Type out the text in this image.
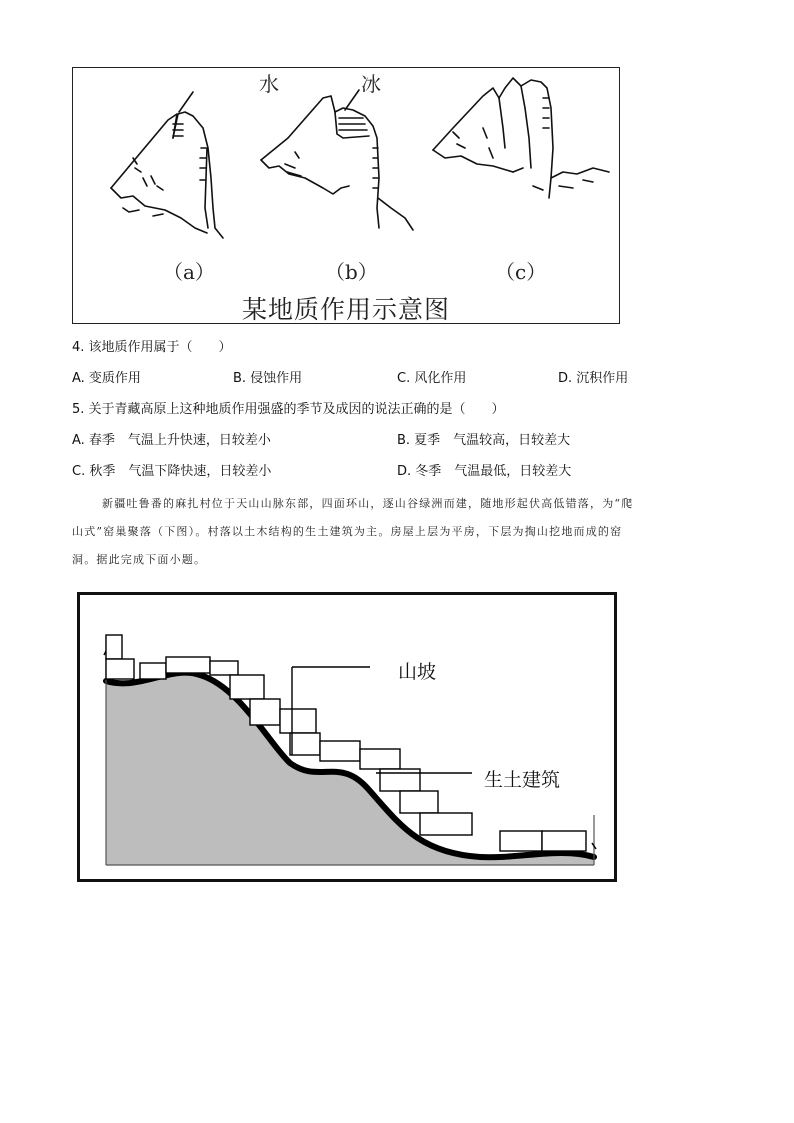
水	冰
（a）	（b）	（c）
某地质作用示意图
4. 该地质作用属于（　　）
A. 变质作用	B. 侵蚀作用	C. 风化作用	D. 沉积作用
5. 关于青藏高原上这种地质作用强盛的季节及成因的说法正确的是（　　）
A. 春季　气温上升快速，日较差小	B. 夏季　气温较高，日较差大
C. 秋季　气温下降快速，日较差小	D. 冬季　气温最低，日较差大
新疆吐鲁番的麻扎村位于天山山脉东部，四面环山，逐山谷绿洲而建，随地形起伏高低错落，为“爬
山式”窑巢聚落（下图）。村落以土木结构的生土建筑为主。房屋上层为平房，下层为掏山挖地而成的窑
洞。据此完成下面小题。
山坡
生土建筑
